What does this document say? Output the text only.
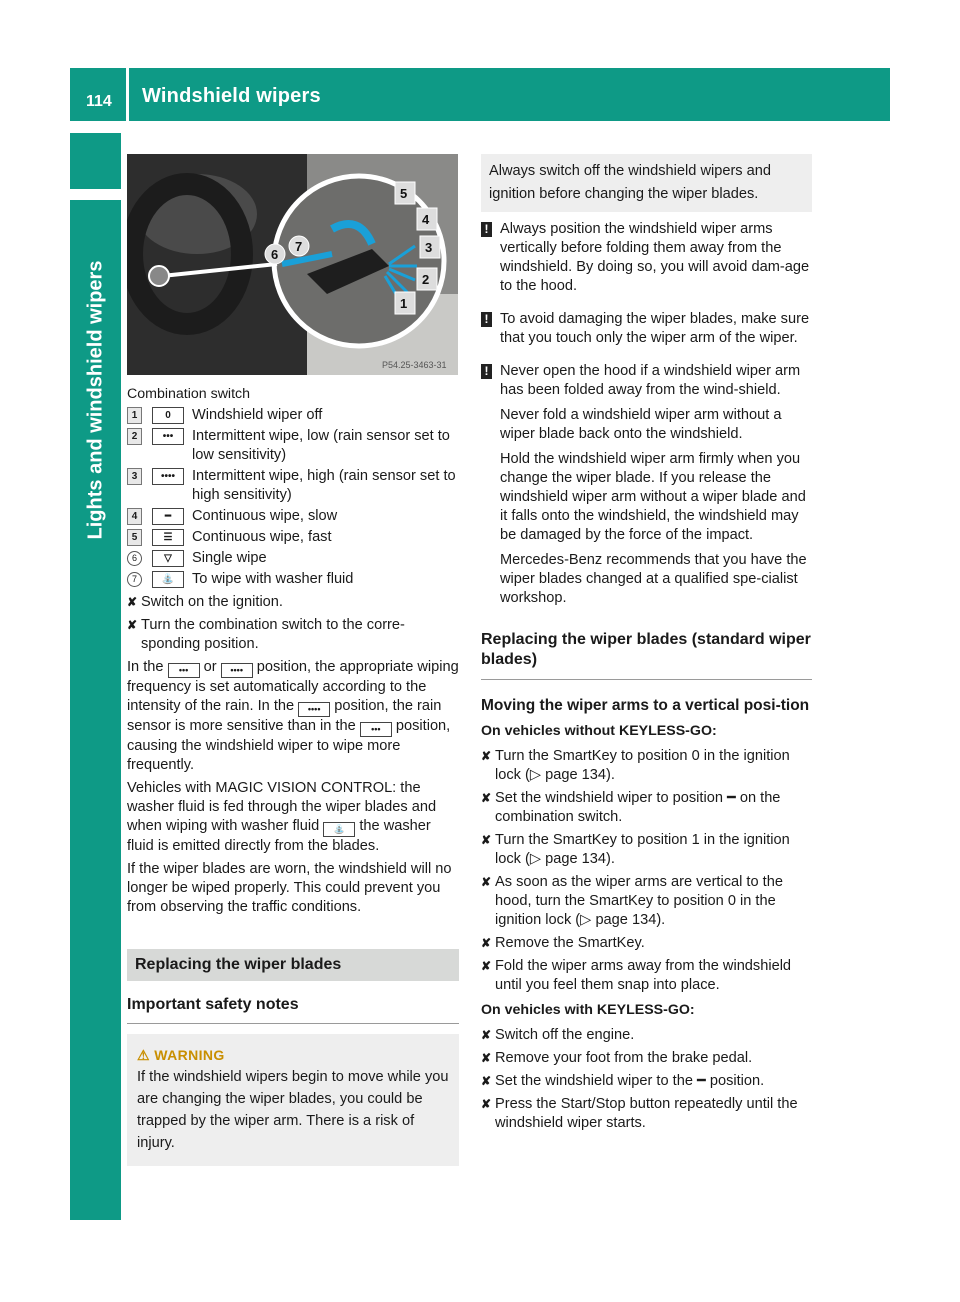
114 Windshield wipers
Lights and windshield wipers	1
2
3
4
5
6
7
P54.25-3463-31
Combination switch
1	0	Windshield wiper off
2	•••	Intermittent wipe, low (rain sensor set to low sensitivity)
3	••••	Intermittent wipe, high (rain sensor set to high sensitivity)
4	━	Continuous wipe, slow
5	☰	Continuous wipe, fast
6	▽	Single wipe
7	⛲	To wipe with washer fluid
✘ Switch on the ignition.
✘ Turn the combination switch to the corre-sponding position.

In the ••• or •••• position, the appropriate wiping frequency is set automatically according to the intensity of the rain. In the •••• position, the rain sensor is more sensitive than in the ••• position, causing the windshield wiper to wipe more frequently.

Vehicles with MAGIC VISION CONTROL: the washer fluid is fed through the wiper blades and when wiping with washer fluid ⛲ the washer fluid is emitted directly from the blades.

If the wiper blades are worn, the windshield will no longer be wiped properly. This could prevent you from observing the traffic conditions.

Replacing the wiper blades
Important safety notes
⚠ WARNING
If the windshield wipers begin to move while you are changing the wiper blades, you could be trapped by the wiper arm. There is a risk of injury.
Always switch off the windshield wipers and ignition before changing the wiper blades.
! Always position the windshield wiper arms vertically before folding them away from the windshield. By doing so, you will avoid dam-age to the hood.

! To avoid damaging the wiper blades, make sure that you touch only the wiper arm of the wiper.

! Never open the hood if a windshield wiper arm has been folded away from the wind-shield.

Never fold a windshield wiper arm without a wiper blade back onto the windshield.

Hold the windshield wiper arm firmly when you change the wiper blade. If you release the windshield wiper arm without a wiper blade and it falls onto the windshield, the windshield may be damaged by the force of the impact.

Mercedes-Benz recommends that you have the wiper blades changed at a qualified spe-cialist workshop.

Replacing the wiper blades (standard wiper blades)
Moving the wiper arms to a vertical posi-tion
On vehicles without KEYLESS-GO:
✘ Turn the SmartKey to position 0 in the ignition lock (▷ page 134).
✘ Set the windshield wiper to position ━ on the combination switch.
✘ Turn the SmartKey to position 1 in the ignition lock (▷ page 134).
✘ As soon as the wiper arms are vertical to the hood, turn the SmartKey to position 0 in the ignition lock (▷ page 134).
✘ Remove the SmartKey.
✘ Fold the wiper arms away from the windshield until you feel them snap into place.
On vehicles with KEYLESS-GO:
✘ Switch off the engine.
✘ Remove your foot from the brake pedal.
✘ Set the windshield wiper to the ━ position.
✘ Press the Start/Stop button repeatedly until the windshield wiper starts.
